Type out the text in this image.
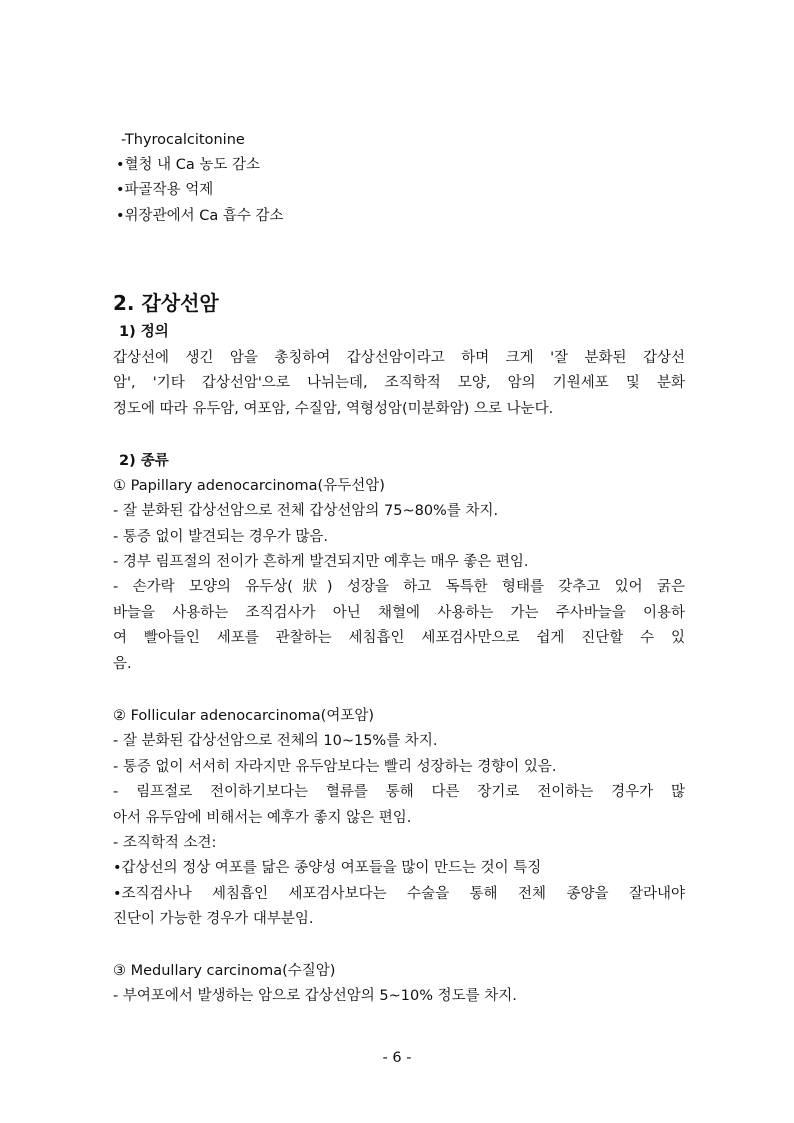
-Thyrocalcitonine
•혈청 내 Ca 농도 감소
•파골작용 억제
•위장관에서 Ca 흡수 감소
2. 갑상선암
1) 정의
갑상선에 생긴 암을 총칭하여 갑상선암이라고 하며 크게 '잘 분화된 갑상선
암', '기타 갑상선암'으로 나뉘는데, 조직학적 모양, 암의 기원세포 및 분화
정도에 따라 유두암, 여포암, 수질암, 역형성암(미분화암) 으로 나눈다.
2) 종류
① Papillary adenocarcinoma(유두선암)
- 잘 분화된 갑상선암으로 전체 갑상선암의 75~80%를 차지.
- 통증 없이 발견되는 경우가 많음.
- 경부 림프절의 전이가 흔하게 발견되지만 예후는 매우 좋은 편임.
- 손가락 모양의 유두상(狀) 성장을 하고 독특한 형태를 갖추고 있어 굵은
바늘을 사용하는 조직검사가 아닌 채혈에 사용하는 가는 주사바늘을 이용하
여 빨아들인 세포를 관찰하는 세침흡인 세포검사만으로 쉽게 진단할 수 있
음.
② Follicular adenocarcinoma(여포암)
- 잘 분화된 갑상선암으로 전체의 10~15%를 차지.
- 통증 없이 서서히 자라지만 유두암보다는 빨리 성장하는 경향이 있음.
- 림프절로 전이하기보다는 혈류를 통해 다른 장기로 전이하는 경우가 많
아서 유두암에 비해서는 예후가 좋지 않은 편임.
- 조직학적 소견:
•갑상선의 정상 여포를 닮은 종양성 여포들을 많이 만드는 것이 특징
•조직검사나 세침흡인 세포검사보다는 수술을 통해 전체 종양을 잘라내야
진단이 가능한 경우가 대부분임.
③ Medullary carcinoma(수질암)
- 부여포에서 발생하는 암으로 갑상선암의 5~10% 정도를 차지.
- 6 -
